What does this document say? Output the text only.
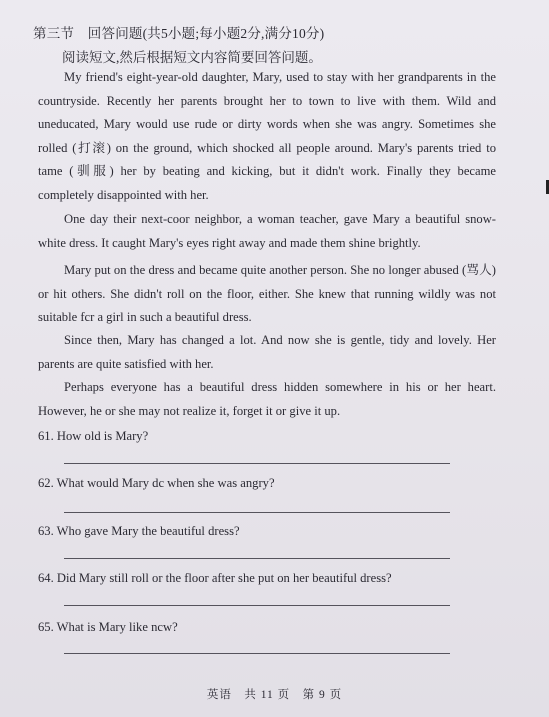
第三节　回答问题(共5小题;每小题2分,满分10分)
阅读短文,然后根据短文内容简要回答问题。
My friend's eight-year-old daughter, Mary, used to stay with her grandparents in the countryside. Recently her parents brought her to town to live with them. Wild and uneducated, Mary would use rude or dirty words when she was angry. Sometimes she rolled (打滚) on the ground, which shocked all people around. Mary's parents tried to tame (驯服) her by beating and kicking, but it didn't work. Finally they became completely disappointed with her.
One day their next-coor neighbor, a woman teacher, gave Mary a beautiful snow-white dress. It caught Mary's eyes right away and made them shine brightly.
Mary put on the dress and became quite another person. She no longer abused (骂人) or hit others. She didn't roll on the floor, either. She knew that running wildly was not suitable fcr a girl in such a beautiful dress.
Since then, Mary has changed a lot. And now she is gentle, tidy and lovely. Her parents are quite satisfied with her.
Perhaps everyone has a beautiful dress hidden somewhere in his or her heart. However, he or she may not realize it, forget it or give it up.
61. How old is Mary?
62. What would Mary dc when she was angry?
63. Who gave Mary the beautiful dress?
64. Did Mary still roll or the floor after she put on her beautiful dress?
65. What is Mary like ncw?
英语　共 11 页　第 9 页
